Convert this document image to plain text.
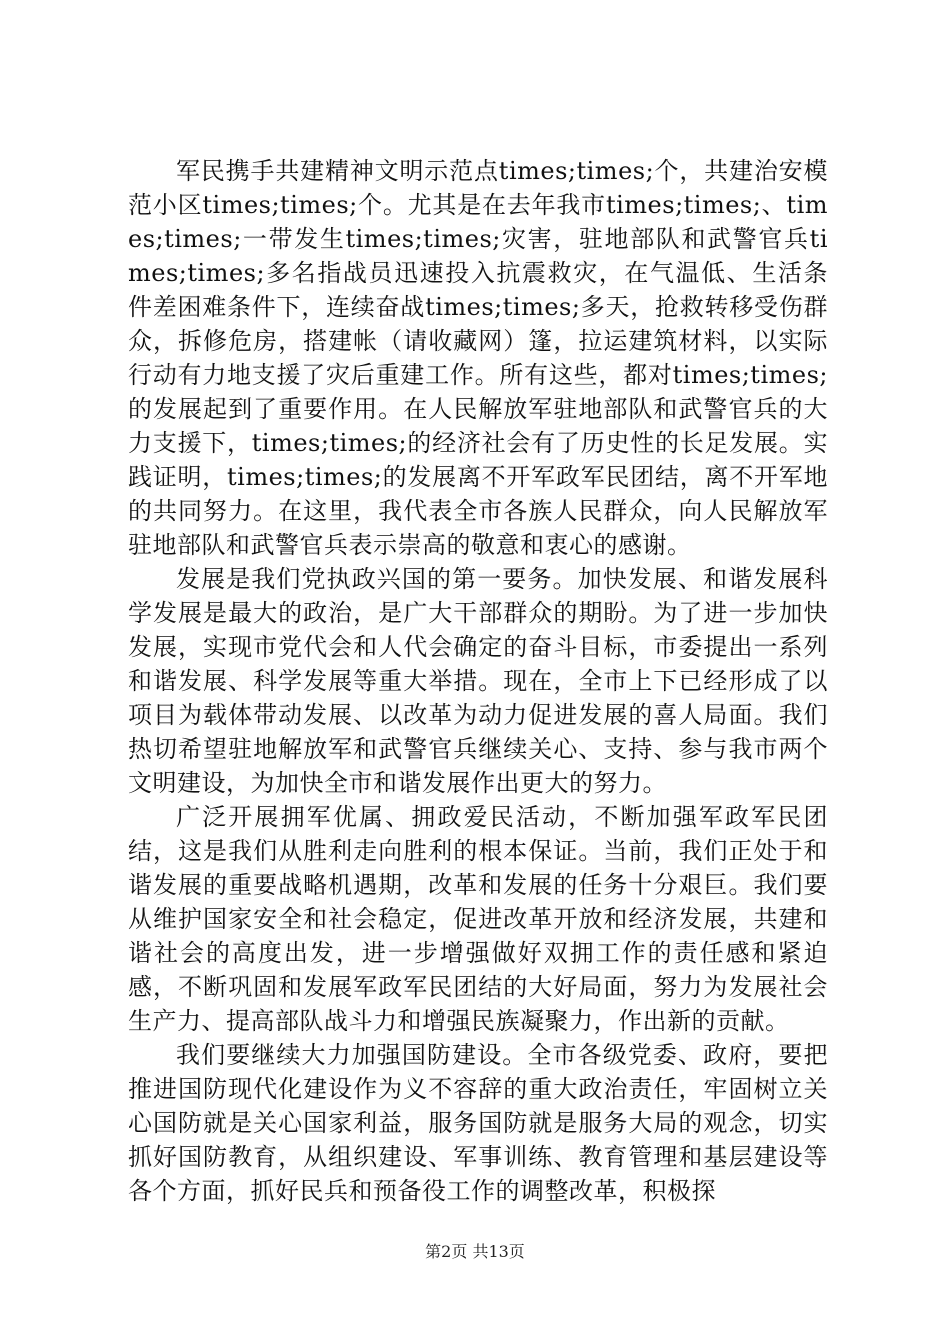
军民携手共建精神文明示范点times;times;个，共建治安模范小区times;times;个。尤其是在去年我市times;times;、times;times;一带发生times;times;灾害，驻地部队和武警官兵times;times;多名指战员迅速投入抗震救灾，在气温低、生活条件差困难条件下，连续奋战times;times;多天，抢救转移受伤群众，拆修危房，搭建帐（请收藏网）篷，拉运建筑材料，以实际行动有力地支援了灾后重建工作。所有这些，都对times;times;的发展起到了重要作用。在人民解放军驻地部队和武警官兵的大力支援下，times;times;的经济社会有了历史性的长足发展。实践证明，times;times;的发展离不开军政军民团结，离不开军地的共同努力。在这里，我代表全市各族人民群众，向人民解放军驻地部队和武警官兵表示崇高的敬意和衷心的感谢。

发展是我们党执政兴国的第一要务。加快发展、和谐发展科学发展是最大的政治，是广大干部群众的期盼。为了进一步加快发展，实现市党代会和人代会确定的奋斗目标，市委提出一系列和谐发展、科学发展等重大举措。现在，全市上下已经形成了以项目为载体带动发展、以改革为动力促进发展的喜人局面。我们热切希望驻地解放军和武警官兵继续关心、支持、参与我市两个文明建设，为加快全市和谐发展作出更大的努力。

广泛开展拥军优属、拥政爱民活动，不断加强军政军民团结，这是我们从胜利走向胜利的根本保证。当前，我们正处于和谐发展的重要战略机遇期，改革和发展的任务十分艰巨。我们要从维护国家安全和社会稳定，促进改革开放和经济发展，共建和谐社会的高度出发，进一步增强做好双拥工作的责任感和紧迫感，不断巩固和发展军政军民团结的大好局面，努力为发展社会生产力、提高部队战斗力和增强民族凝聚力，作出新的贡献。

我们要继续大力加强国防建设。全市各级党委、政府，要把推进国防现代化建设作为义不容辞的重大政治责任，牢固树立关心国防就是关心国家利益，服务国防就是服务大局的观念，切实抓好国防教育，从组织建设、军事训练、教育管理和基层建设等各个方面，抓好民兵和预备役工作的调整改革，积极探

第2页 共13页
